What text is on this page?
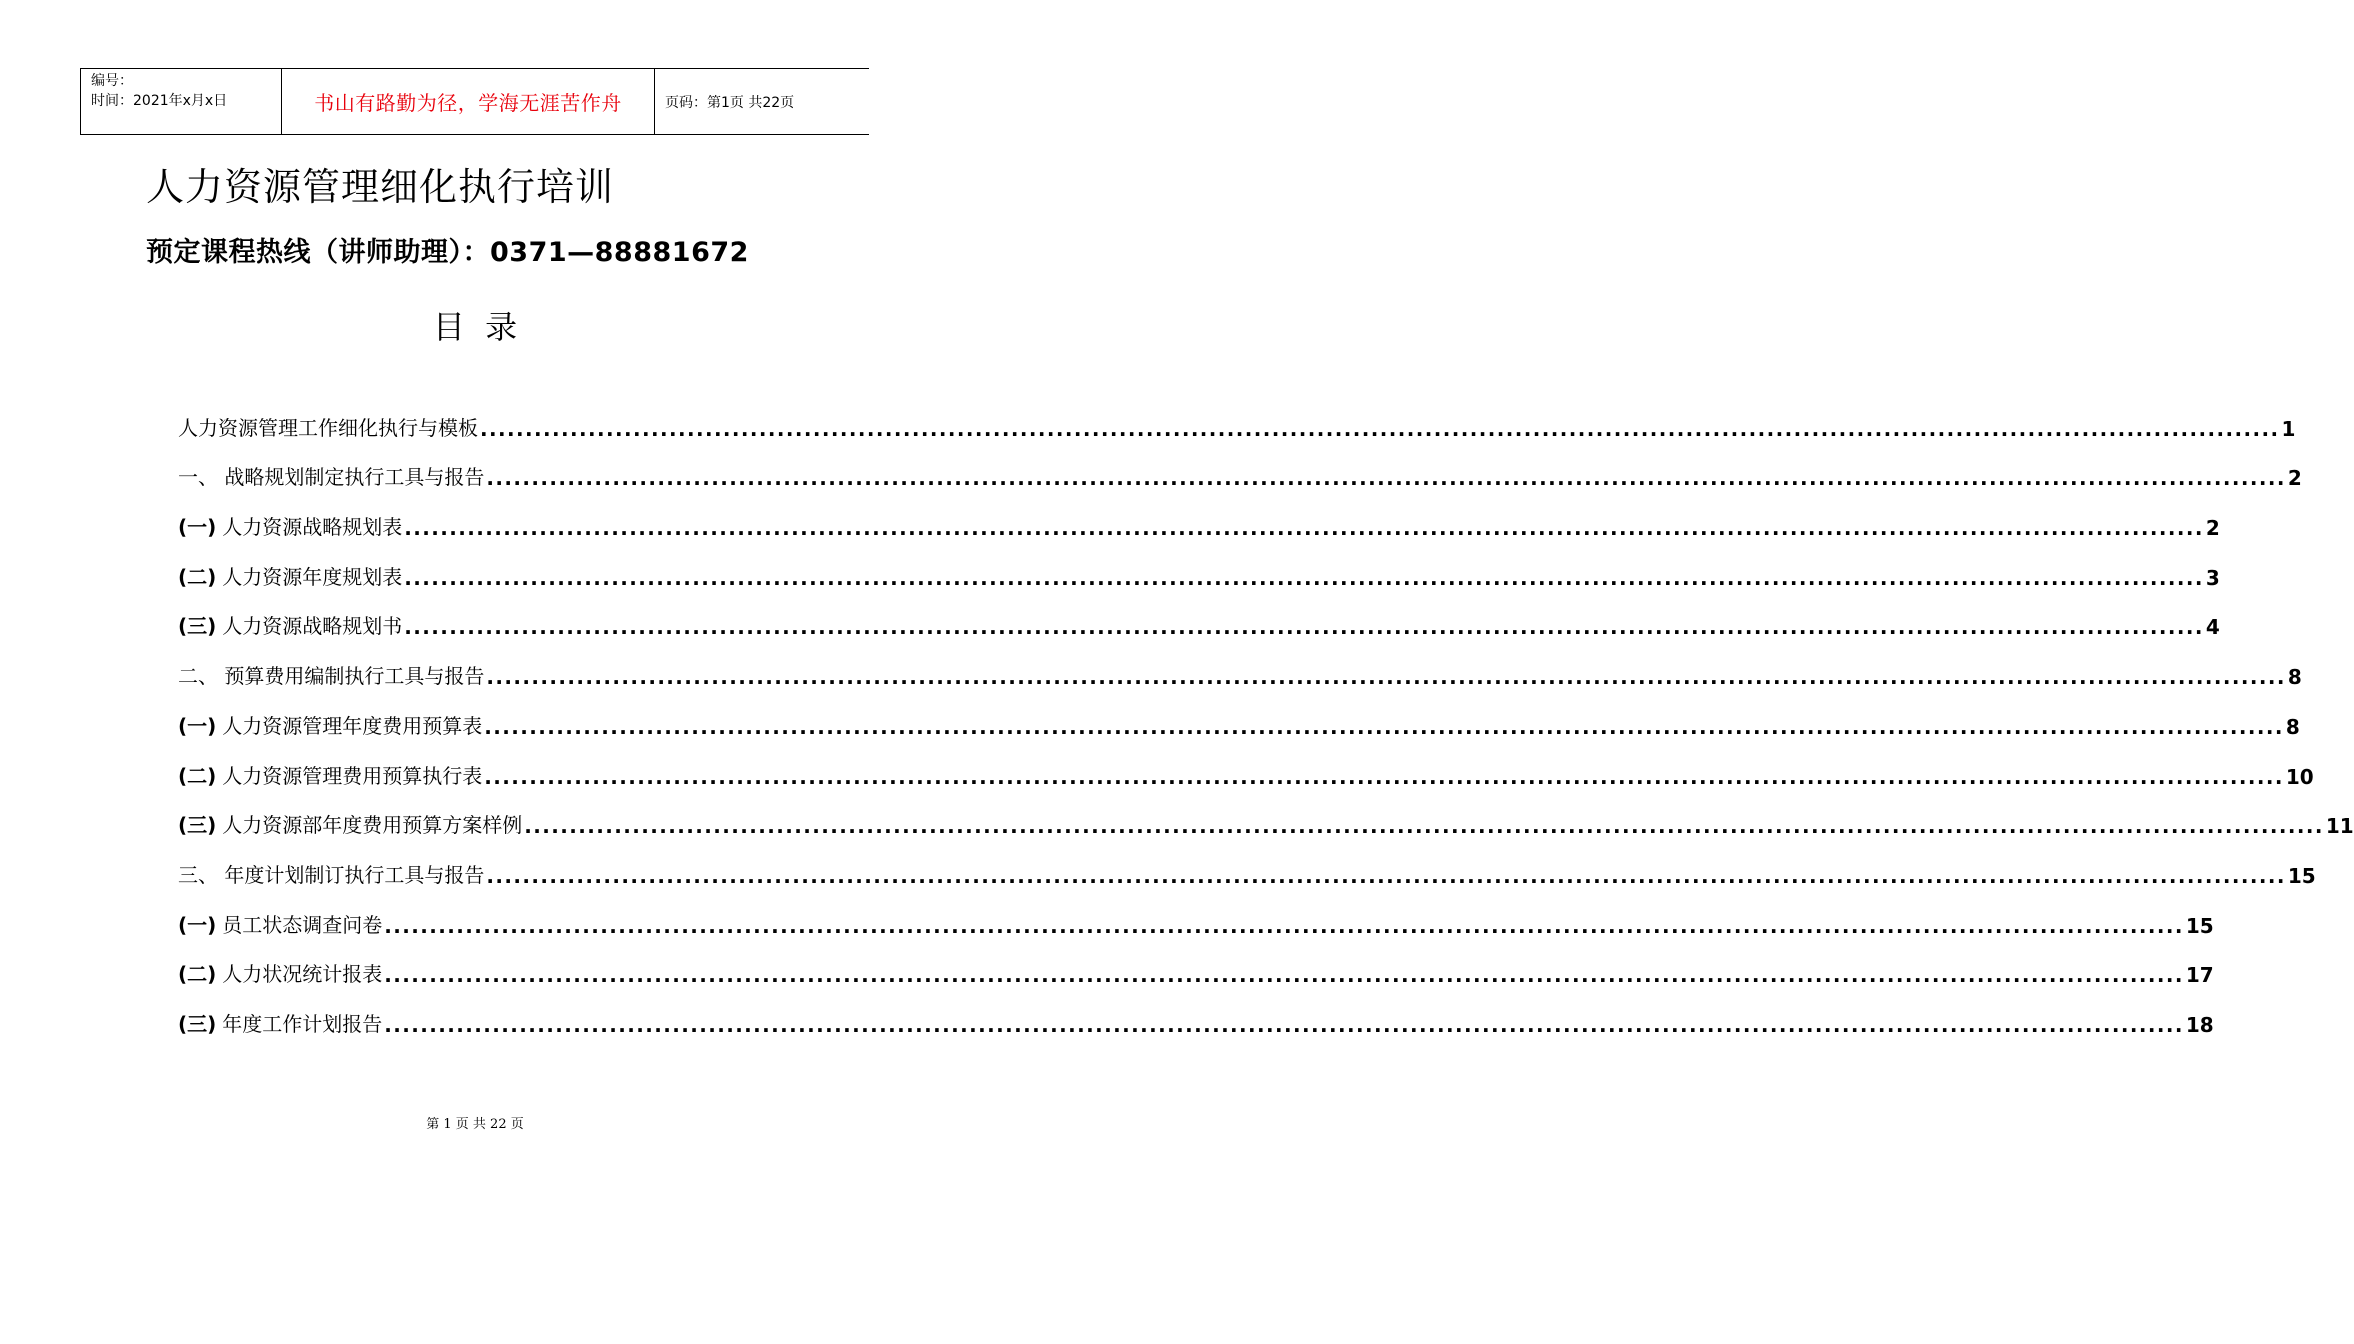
编号：
时间：2021年x月x日	书山有路勤为径，学海无涯苦作舟	页码：第1页 共22页
人力资源管理细化执行培训
预定课程热线（讲师助理）：0371—88881672
目  录
人力资源管理工作细化执行与模板 ........................................................................................................................................................................................................ 1
一、 战略规划制定执行工具与报告 ........................................................................................................................................................................................................ 2
(一) 人力资源战略规划表 ........................................................................................................................................................................................................ 2
(二) 人力资源年度规划表 ........................................................................................................................................................................................................ 3
(三) 人力资源战略规划书 ........................................................................................................................................................................................................ 4
二、 预算费用编制执行工具与报告 ........................................................................................................................................................................................................ 8
(一) 人力资源管理年度费用预算表 ........................................................................................................................................................................................................ 8
(二) 人力资源管理费用预算执行表 ........................................................................................................................................................................................................ 10
(三) 人力资源部年度费用预算方案样例 ........................................................................................................................................................................................................ 11
三、 年度计划制订执行工具与报告 ........................................................................................................................................................................................................ 15
(一) 员工状态调查问卷 ........................................................................................................................................................................................................ 15
(二) 人力状况统计报表 ........................................................................................................................................................................................................ 17
(三) 年度工作计划报告 ........................................................................................................................................................................................................ 18
第 1 页 共 22 页
